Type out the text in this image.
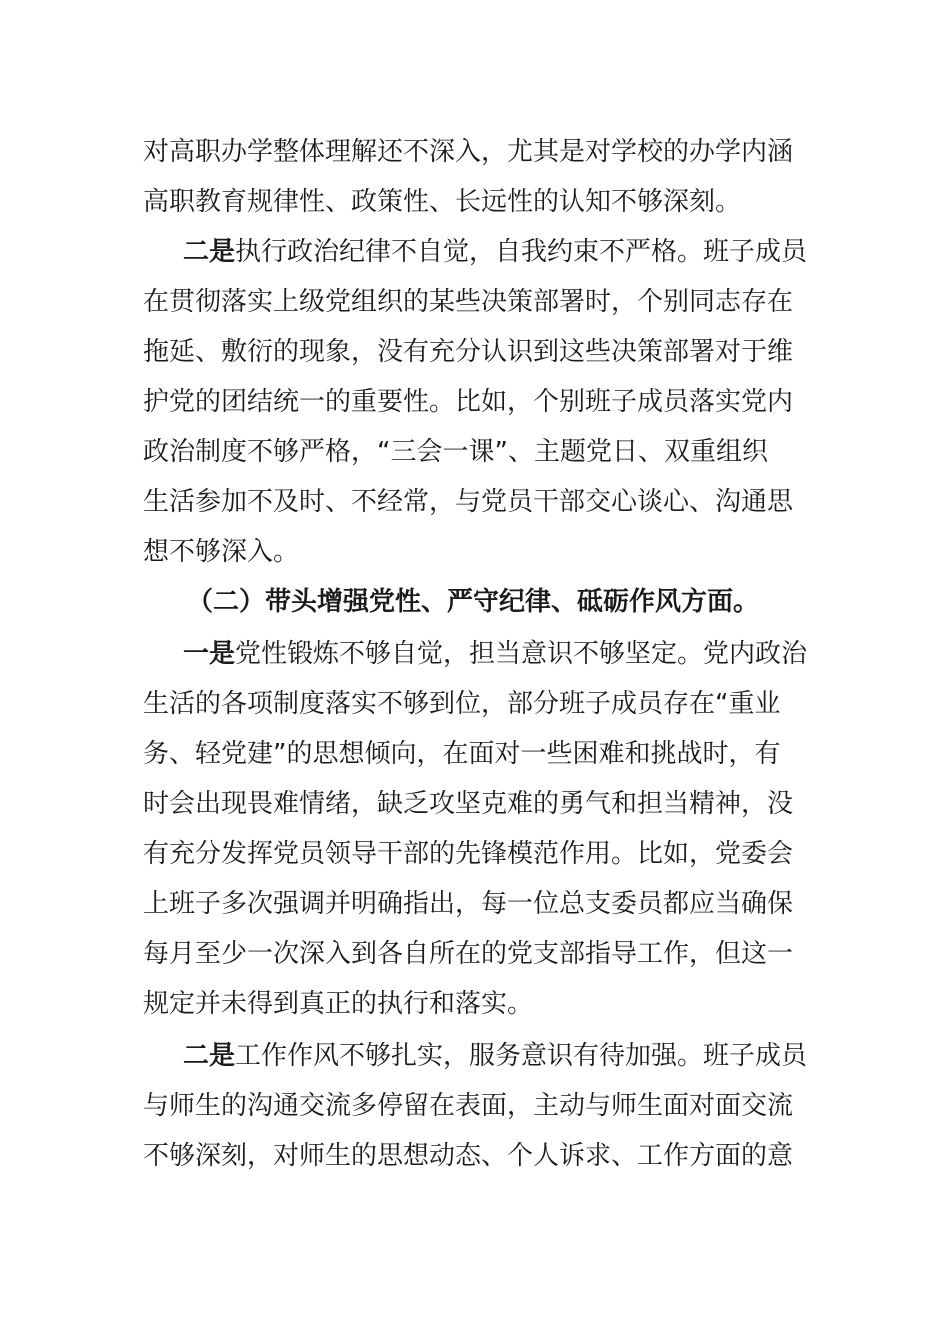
对高职办学整体理解还不深入，尤其是对学校的办学内涵
高职教育规律性、政策性、长远性的认知不够深刻。
二是执行政治纪律不自觉，自我约束不严格。班子成员
在贯彻落实上级党组织的某些决策部署时，个别同志存在
拖延、敷衍的现象，没有充分认识到这些决策部署对于维
护党的团结统一的重要性。比如，个别班子成员落实党内
政治制度不够严格，“三会一课”、主题党日、双重组织
生活参加不及时、不经常，与党员干部交心谈心、沟通思
想不够深入。
（二）带头增强党性、严守纪律、砥砺作风方面。
一是党性锻炼不够自觉，担当意识不够坚定。党内政治
生活的各项制度落实不够到位，部分班子成员存在“重业
务、轻党建”的思想倾向，在面对一些困难和挑战时，有
时会出现畏难情绪，缺乏攻坚克难的勇气和担当精神，没
有充分发挥党员领导干部的先锋模范作用。比如，党委会
上班子多次强调并明确指出，每一位总支委员都应当确保
每月至少一次深入到各自所在的党支部指导工作，但这一
规定并未得到真正的执行和落实。
二是工作作风不够扎实，服务意识有待加强。班子成员
与师生的沟通交流多停留在表面，主动与师生面对面交流
不够深刻，对师生的思想动态、个人诉求、工作方面的意
